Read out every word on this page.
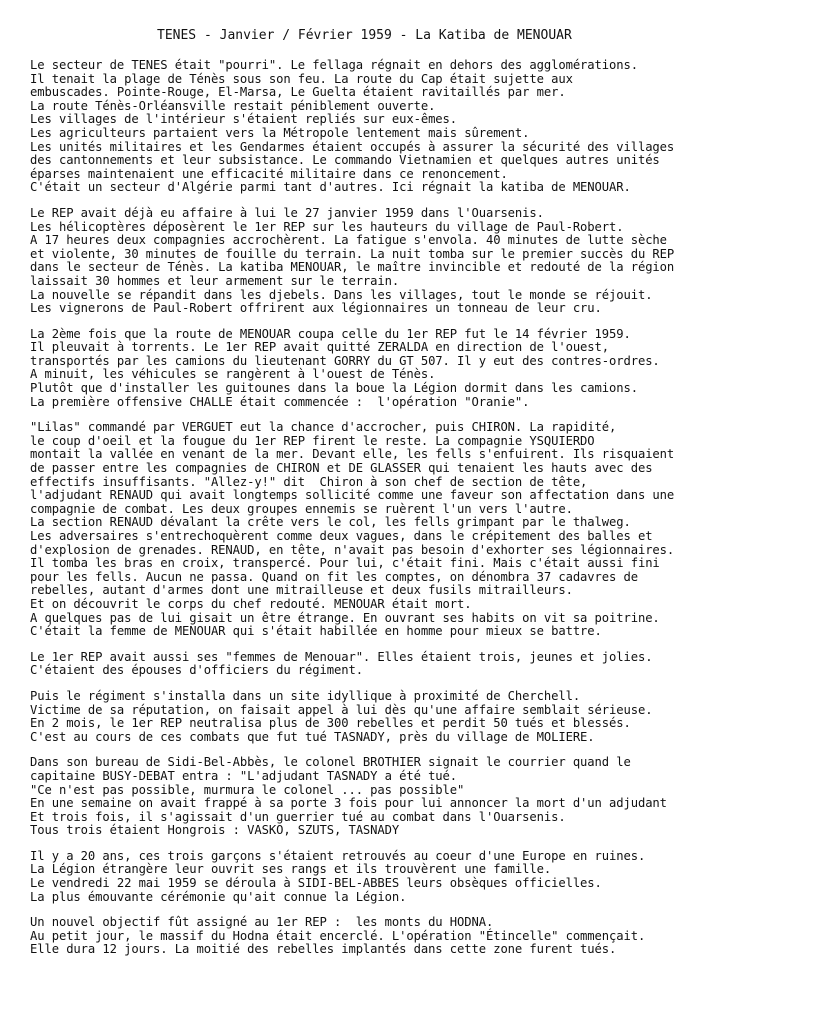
TENES - Janvier / Février 1959 - La Katiba de MENOUAR
Le secteur de TENES était "pourri". Le fellaga régnait en dehors des agglomérations.
Il tenait la plage de Ténès sous son feu. La route du Cap était sujette aux
embuscades. Pointe-Rouge, El-Marsa, Le Guelta étaient ravitaillés par mer.
La route Ténès-Orléansville restait péniblement ouverte.
Les villages de l'intérieur s'étaient repliés sur eux-êmes.
Les agriculteurs partaient vers la Métropole lentement mais sûrement.
Les unités militaires et les Gendarmes étaient occupés à assurer la sécurité des villages
des cantonnements et leur subsistance. Le commando Vietnamien et quelques autres unités
éparses maintenaient une efficacité militaire dans ce renoncement.
C'était un secteur d'Algérie parmi tant d'autres. Ici régnait la katiba de MENOUAR.
Le REP avait déjà eu affaire à lui le 27 janvier 1959 dans l'Ouarsenis.
Les hélicoptères déposèrent le 1er REP sur les hauteurs du village de Paul-Robert.
A 17 heures deux compagnies accrochèrent. La fatigue s'envola. 40 minutes de lutte sèche
et violente, 30 minutes de fouille du terrain. La nuit tomba sur le premier succès du REP
dans le secteur de Ténès. La katiba MENOUAR, le maître invincible et redouté de la région
laissait 30 hommes et leur armement sur le terrain.
La nouvelle se répandit dans les djebels. Dans les villages, tout le monde se réjouit.
Les vignerons de Paul-Robert offrirent aux légionnaires un tonneau de leur cru.
La 2ème fois que la route de MENOUAR coupa celle du 1er REP fut le 14 février 1959.
Il pleuvait à torrents. Le 1er REP avait quitté ZERALDA en direction de l'ouest,
transportés par les camions du lieutenant GORRY du GT 507. Il y eut des contres-ordres.
A minuit, les véhicules se rangèrent à l'ouest de Ténès.
Plutôt que d'installer les guitounes dans la boue la Légion dormit dans les camions.
La première offensive CHALLE était commencée :  l'opération "Oranie".
"Lilas" commandé par VERGUET eut la chance d'accrocher, puis CHIRON. La rapidité,
le coup d'oeil et la fougue du 1er REP firent le reste. La compagnie YSQUIERDO
montait la vallée en venant de la mer. Devant elle, les fells s'enfuirent. Ils risquaient
de passer entre les compagnies de CHIRON et DE GLASSER qui tenaient les hauts avec des
effectifs insuffisants. "Allez-y!" dit  Chiron à son chef de section de tête,
l'adjudant RENAUD qui avait longtemps sollicité comme une faveur son affectation dans une
compagnie de combat. Les deux groupes ennemis se ruèrent l'un vers l'autre.
La section RENAUD dévalant la crête vers le col, les fells grimpant par le thalweg.
Les adversaires s'entrechoquèrent comme deux vagues, dans le crépitement des balles et
d'explosion de grenades. RENAUD, en tête, n'avait pas besoin d'exhorter ses légionnaires.
Il tomba les bras en croix, transpercé. Pour lui, c'était fini. Mais c'était aussi fini
pour les fells. Aucun ne passa. Quand on fit les comptes, on dénombra 37 cadavres de
rebelles, autant d'armes dont une mitrailleuse et deux fusils mitrailleurs.
Et on découvrit le corps du chef redouté. MENOUAR était mort.
A quelques pas de lui gisait un être étrange. En ouvrant ses habits on vit sa poitrine.
C'était la femme de MENOUAR qui s'était habillée en homme pour mieux se battre.
Le 1er REP avait aussi ses "femmes de Menouar". Elles étaient trois, jeunes et jolies.
C'étaient des épouses d'officiers du régiment.
Puis le régiment s'installa dans un site idyllique à proximité de Cherchell.
Victime de sa réputation, on faisait appel à lui dès qu'une affaire semblait sérieuse.
En 2 mois, le 1er REP neutralisa plus de 300 rebelles et perdit 50 tués et blessés.
C'est au cours de ces combats que fut tué TASNADY, près du village de MOLIERE.
Dans son bureau de Sidi-Bel-Abbès, le colonel BROTHIER signait le courrier quand le
capitaine BUSY-DEBAT entra : "L'adjudant TASNADY a été tué.
"Ce n'est pas possible, murmura le colonel ... pas possible"
En une semaine on avait frappé à sa porte 3 fois pour lui annoncer la mort d'un adjudant
Et trois fois, il s'agissait d'un guerrier tué au combat dans l'Ouarsenis.
Tous trois étaient Hongrois : VASKO, SZUTS, TASNADY
Il y a 20 ans, ces trois garçons s'étaient retrouvés au coeur d'une Europe en ruines.
La Légion étrangère leur ouvrit ses rangs et ils trouvèrent une famille.
Le vendredi 22 mai 1959 se déroula à SIDI-BEL-ABBES leurs obsèques officielles.
La plus émouvante cérémonie qu'ait connue la Légion.
Un nouvel objectif fût assigné au 1er REP :  les monts du HODNA.
Au petit jour, le massif du Hodna était encerclé. L'opération "Étincelle" commençait.
Elle dura 12 jours. La moitié des rebelles implantés dans cette zone furent tués.
